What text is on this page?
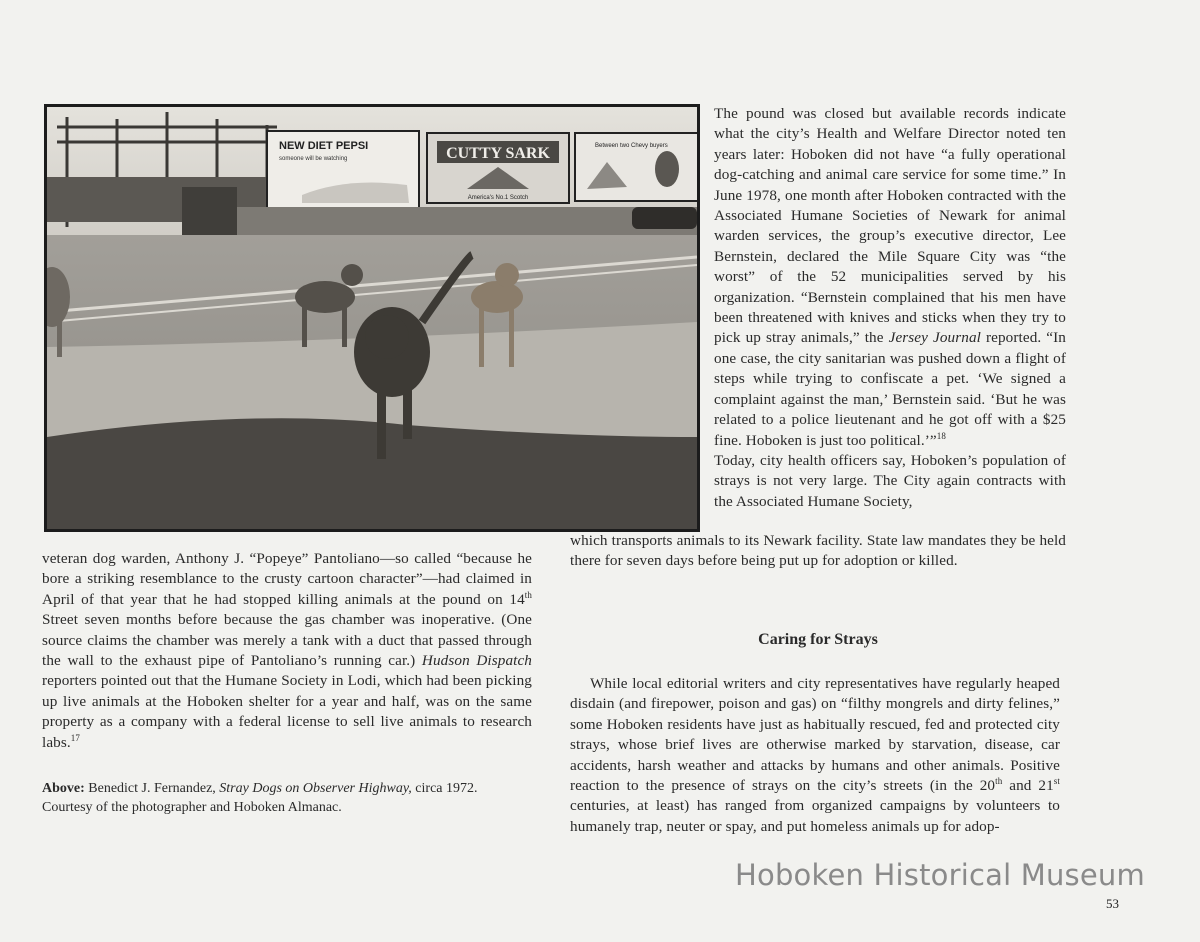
NEW DIET PEPSI
someone will be watching	CUTTY SARK
America's No.1 Scotch
Between two Chevy buyers

The pound was closed but available records indicate what the city’s Health and Welfare Director noted ten years later: Hoboken did not have “a fully operational dog-catching and animal care service for some time.” In June 1978, one month after Hoboken contracted with the Associated Humane Societies of Newark for animal warden services, the group’s executive director, Lee Bernstein, declared the Mile Square City was “the worst” of the 52 municipalities served by his organization. “Bernstein complained that his men have been threatened with knives and sticks when they try to pick up stray animals,” the Jersey Journal reported. “In one case, the city sanitarian was pushed down a flight of steps while trying to confiscate a pet. ‘We signed a complaint against the man,’ Bernstein said. ‘But he was related to a police lieutenant and he got off with a $25 fine. Hoboken is just too political.’”$^{18}$
Today, city health officers say, Hoboken’s population of strays is not very large. The City again contracts with the Associated Humane Society,

which transports animals to its Newark facility. State law mandates they be held there for seven days before being put up for adoption or killed.

veteran dog warden, Anthony J. “Popeye” Pantoliano—so called “because he bore a striking resemblance to the crusty cartoon character”—had claimed in April of that year that he had stopped killing animals at the pound on 14th Street seven months before because the gas chamber was inoperative. (One source claims the chamber was merely a tank with a duct that passed through the wall to the exhaust pipe of Pantoliano’s running car.) Hudson Dispatch reporters pointed out that the Humane Society in Lodi, which had been picking up live animals at the Hoboken shelter for a year and half, was on the same property as a company with a federal license to sell live animals to research labs.$^{17}$

Caring for Strays

While local editorial writers and city representatives have regularly heaped disdain (and firepower, poison and gas) on “filthy mongrels and dirty felines,” some Hoboken residents have just as habitually rescued, fed and protected city strays, whose brief lives are otherwise marked by starvation, disease, car accidents, harsh weather and attacks by humans and other animals. Positive reaction to the presence of strays on the city’s streets (in the 20th and 21st centuries, at least) has ranged from organized campaigns by volunteers to humanely trap, neuter or spay, and put homeless animals up for adop-

Above: Benedict J. Fernandez, Stray Dogs on Observer Highway, circa 1972.
Courtesy of the photographer and Hoboken Almanac.

Hoboken Historical Museum

53
